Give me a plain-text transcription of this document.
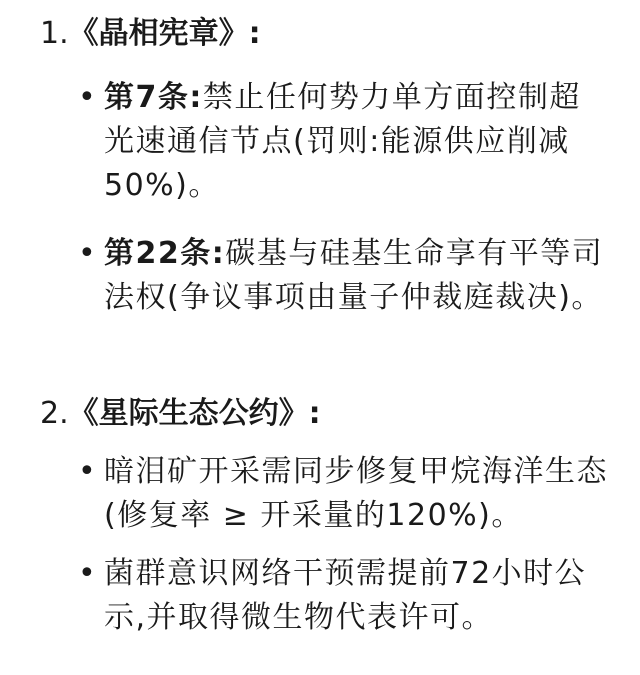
1.《晶相宪章》:
• 第7条:禁止任何势力单方面控制超光速通信节点(罚则:能源供应削减50%)。
• 第22条:碳基与硅基生命享有平等司法权(争议事项由量子仲裁庭裁决)。
2.《星际生态公约》:
• 暗泪矿开采需同步修复甲烷海洋生态(修复率 ≥ 开采量的120%)。
• 菌群意识网络干预需提前72小时公示,并取得微生物代表许可。
